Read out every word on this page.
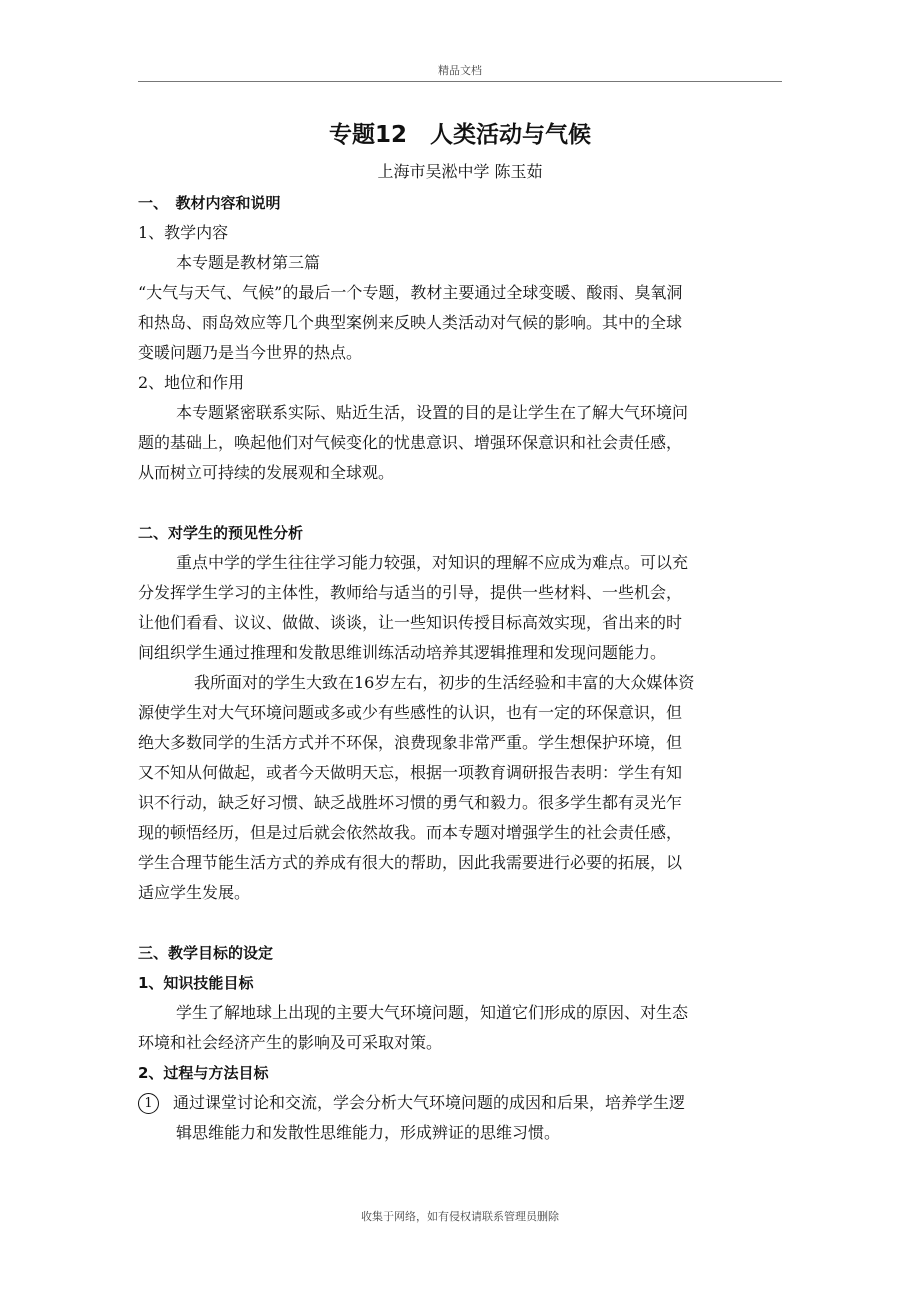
精品文档
专题12　人类活动与气候
上海市吴淞中学 陈玉茹
一、　教材内容和说明
1、教学内容
本专题是教材第三篇
“大气与天气、气候”的最后一个专题，教材主要通过全球变暖、酸雨、臭氧洞
和热岛、雨岛效应等几个典型案例来反映人类活动对气候的影响。其中的全球
变暖问题乃是当今世界的热点。
2、地位和作用
本专题紧密联系实际、贴近生活，设置的目的是让学生在了解大气环境问
题的基础上，唤起他们对气候变化的忧患意识、增强环保意识和社会责任感，
从而树立可持续的发展观和全球观。
二、对学生的预见性分析
重点中学的学生往往学习能力较强，对知识的理解不应成为难点。可以充
分发挥学生学习的主体性，教师给与适当的引导，提供一些材料、一些机会，
让他们看看、议议、做做、谈谈，让一些知识传授目标高效实现，省出来的时
间组织学生通过推理和发散思维训练活动培养其逻辑推理和发现问题能力。
我所面对的学生大致在16岁左右，初步的生活经验和丰富的大众媒体资
源使学生对大气环境问题或多或少有些感性的认识，也有一定的环保意识，但
绝大多数同学的生活方式并不环保，浪费现象非常严重。学生想保护环境，但
又不知从何做起，或者今天做明天忘，根据一项教育调研报告表明：学生有知
识不行动，缺乏好习惯、缺乏战胜坏习惯的勇气和毅力。很多学生都有灵光乍
现的顿悟经历，但是过后就会依然故我。而本专题对增强学生的社会责任感，
学生合理节能生活方式的养成有很大的帮助，因此我需要进行必要的拓展，以
适应学生发展。
三、教学目标的设定
1、知识技能目标
学生了解地球上出现的主要大气环境问题，知道它们形成的原因、对生态
环境和社会经济产生的影响及可采取对策。
2、过程与方法目标
1 通过课堂讨论和交流，学会分析大气环境问题的成因和后果，培养学生逻
辑思维能力和发散性思维能力，形成辨证的思维习惯。
收集于网络，如有侵权请联系管理员删除
